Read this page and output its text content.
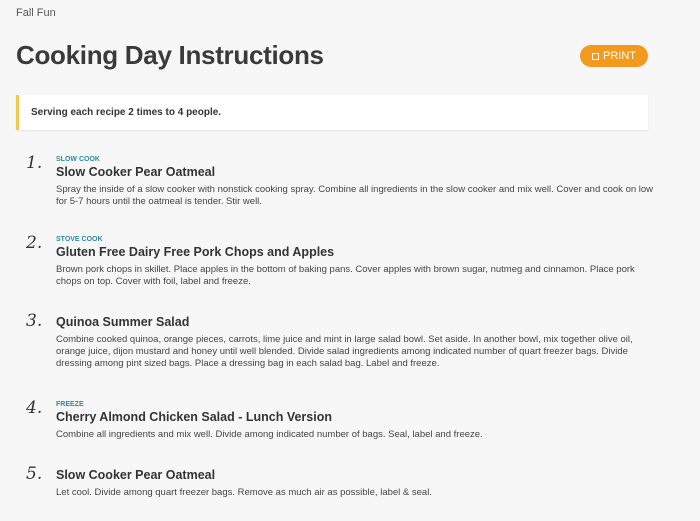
Fall Fun
Cooking Day Instructions	PRINT
Serving each recipe 2 times to 4 people.
1. SLOW COOK
Slow Cooker Pear Oatmeal
Spray the inside of a slow cooker with nonstick cooking spray. Combine all ingredients in the slow cooker and mix well. Cover and cook on low for 5-7 hours until the oatmeal is tender. Stir well.
2. STOVE COOK
Gluten Free Dairy Free Pork Chops and Apples
Brown pork chops in skillet. Place apples in the bottom of baking pans. Cover apples with brown sugar, nutmeg and cinnamon. Place pork chops on top. Cover with foil, label and freeze.
3. Quinoa Summer Salad
Combine cooked quinoa, orange pieces, carrots, lime juice and mint in large salad bowl. Set aside. In another bowl, mix together olive oil, orange juice, dijon mustard and honey until well blended. Divide salad ingredients among indicated number of quart freezer bags. Divide dressing among pint sized bags. Place a dressing bag in each salad bag. Label and freeze.
4. FREEZE
Cherry Almond Chicken Salad - Lunch Version
Combine all ingredients and mix well. Divide among indicated number of bags. Seal, label and freeze.
5. Slow Cooker Pear Oatmeal
Let cool. Divide among quart freezer bags. Remove as much air as possible, label & seal.
